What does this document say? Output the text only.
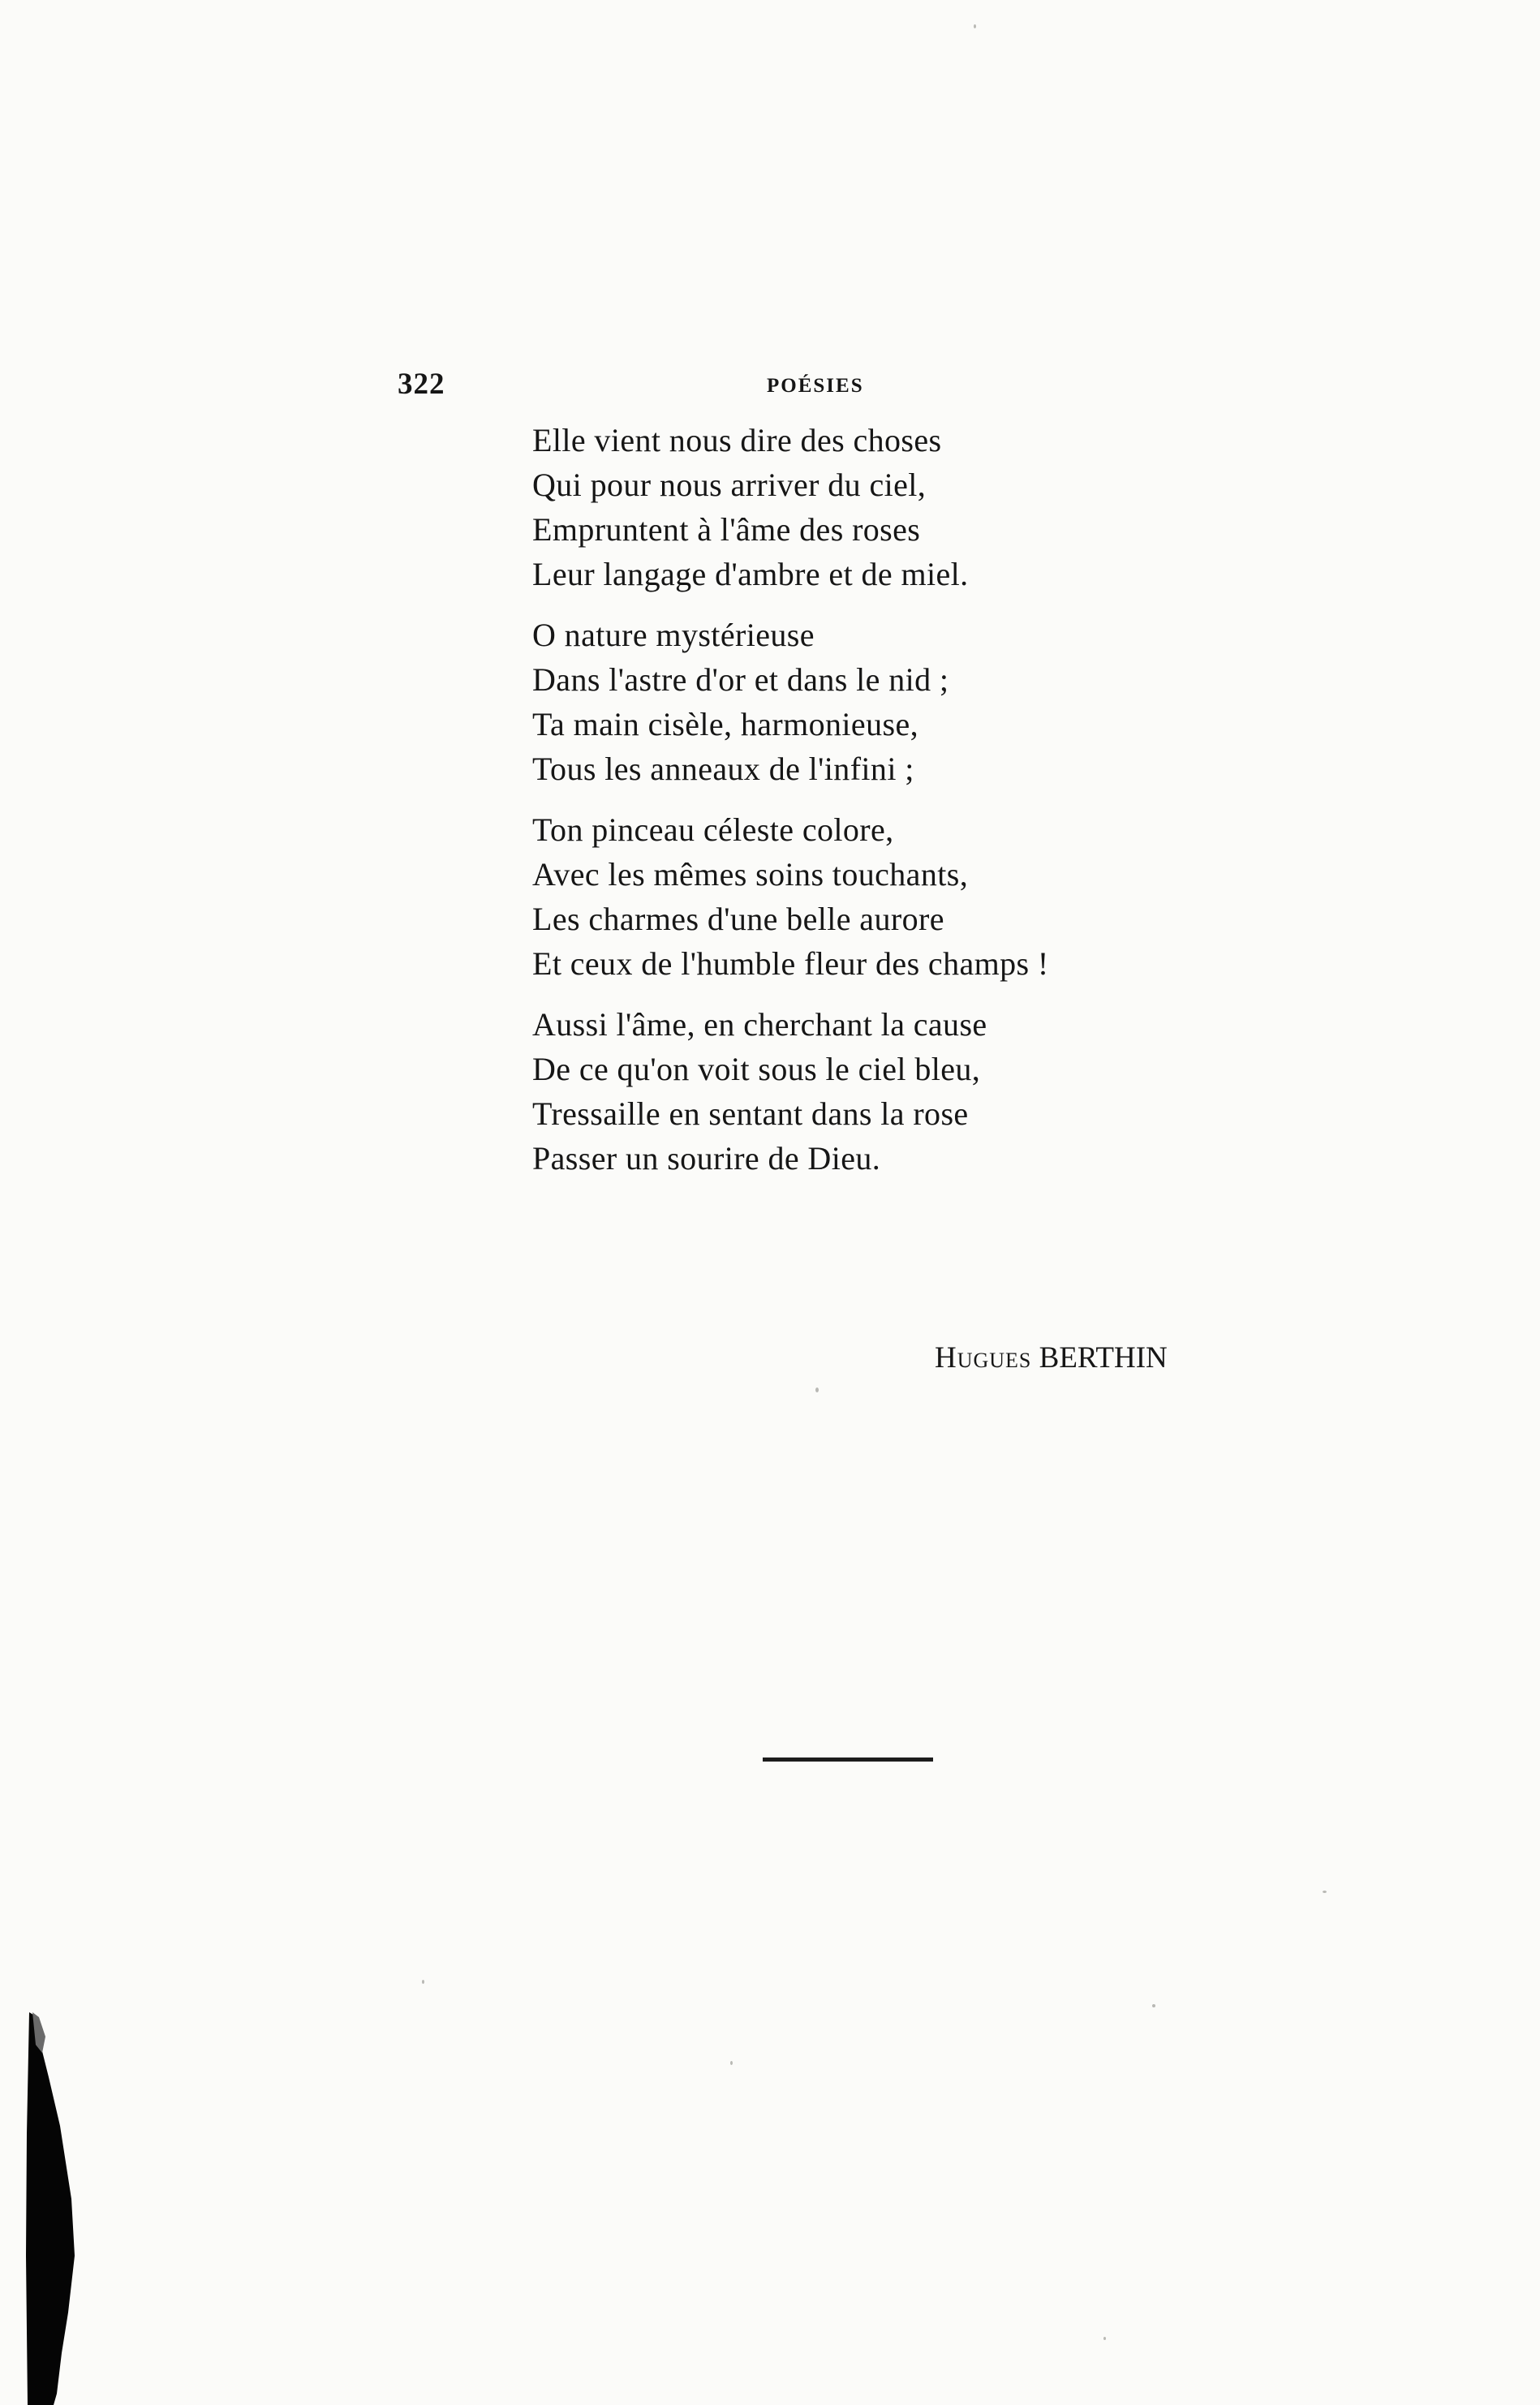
322	POÉSIES
Elle vient nous dire des choses
Qui pour nous arriver du ciel,
Empruntent à l'âme des roses
Leur langage d'ambre et de miel.
O nature mystérieuse
Dans l'astre d'or et dans le nid ;
Ta main cisèle, harmonieuse,
Tous les anneaux de l'infini ;
Ton pinceau céleste colore,
Avec les mêmes soins touchants,
Les charmes d'une belle aurore
Et ceux de l'humble fleur des champs !
Aussi l'âme, en cherchant la cause
De ce qu'on voit sous le ciel bleu,
Tressaille en sentant dans la rose
Passer un sourire de Dieu.
Hugues BERTHIN
